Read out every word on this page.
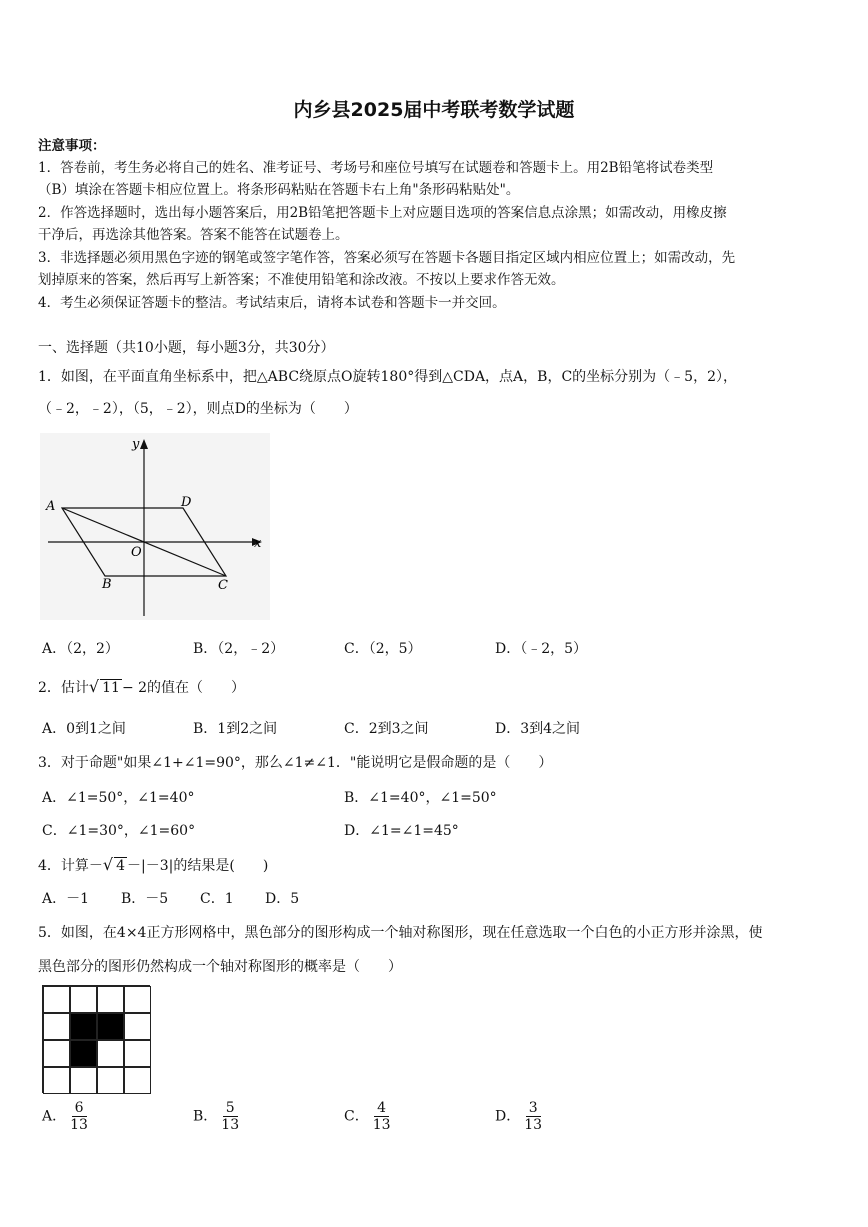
内乡县2025届中考联考数学试题
注意事项：
1．答卷前，考生务必将自己的姓名、准考证号、考场号和座位号填写在试题卷和答题卡上。用2B铅笔将试卷类型
（B）填涂在答题卡相应位置上。将条形码粘贴在答题卡右上角"条形码粘贴处"。
2．作答选择题时，选出每小题答案后，用2B铅笔把答题卡上对应题目选项的答案信息点涂黑；如需改动，用橡皮擦
干净后，再选涂其他答案。答案不能答在试题卷上。
3．非选择题必须用黑色字迹的钢笔或签字笔作答，答案必须写在答题卡各题目指定区域内相应位置上；如需改动，先
划掉原来的答案，然后再写上新答案；不准使用铅笔和涂改液。不按以上要求作答无效。
4．考生必须保证答题卡的整洁。考试结束后，请将本试卷和答题卡一并交回。
一、选择题（共10小题，每小题3分，共30分）
1．如图，在平面直角坐标系中，把△ABC绕原点O旋转180°得到△CDA，点A，B，C的坐标分别为（﹣5，2），
（﹣2，﹣2），（5，﹣2），则点D的坐标为（　　）
y
x
A	D
O
B	C
A．（2，2）	B．（2，﹣2）	C．（2，5）	D．（﹣2，5）
2．估计√ 11 − 2的值在（　　）
A．0到1之间	B．1到2之间	C．2到3之间	D．3到4之间
3．对于命题"如果∠1+∠1=90°，那么∠1≠∠1．"能说明它是假命题的是（　　）
A．∠1=50°，∠1=40°	B．∠1=40°，∠1=50°
C．∠1=30°，∠1=60°	D．∠1=∠1=45°
4．计算－√ 4 －|－3|的结果是(　　)
A．－1 B．－5 C．1 D．5
5．如图，在4×4正方形网格中，黑色部分的图形构成一个轴对称图形，现在任意选取一个白色的小正方形并涂黑，使
黑色部分的图形仍然构成一个轴对称图形的概率是（　　）
A． $\frac{6}{13}$	B． $\frac{5}{13}$	C． $\frac{4}{13}$	D． $\frac{3}{13}$
